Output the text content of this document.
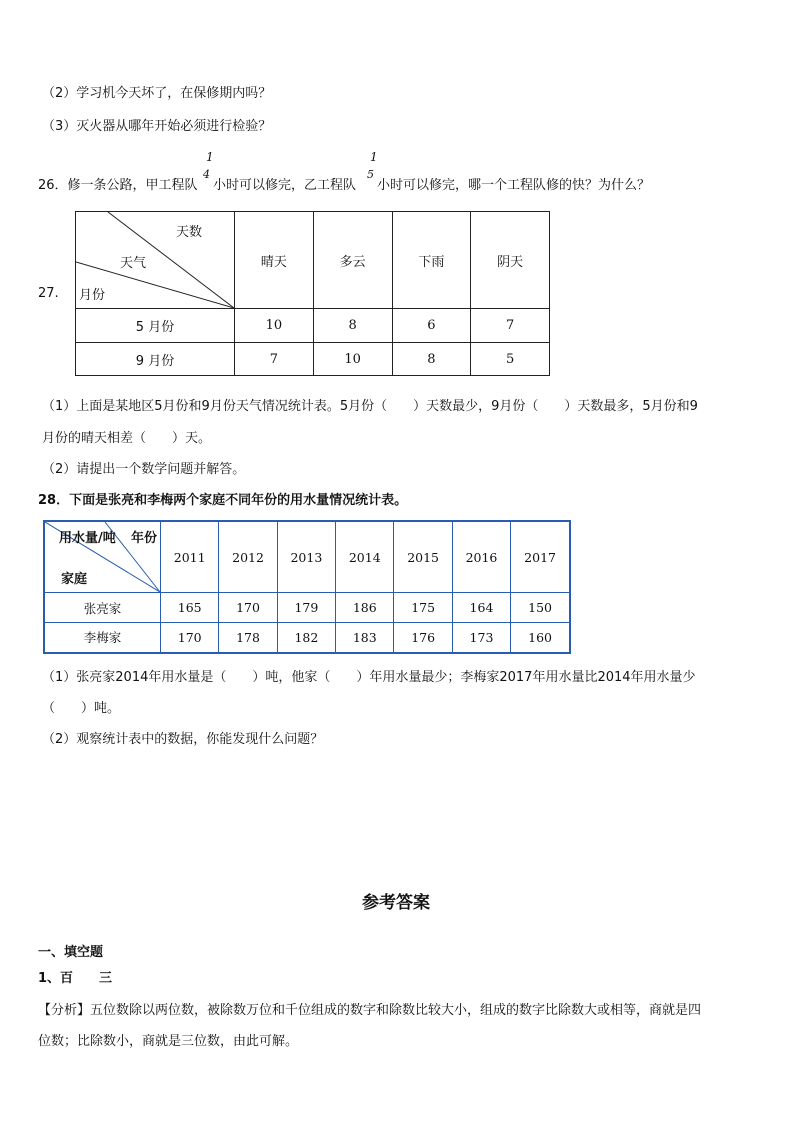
（2）学习机今天坏了，在保修期内吗？
（3）灭火器从哪年开始必须进行检验？
26．修一条公路，甲工程队
1
4
小时可以修完，乙工程队
1
5
小时可以修完，哪一个工程队修的快？为什么？
27.
天数
天气
月份	晴天	多云	下雨	阴天
5 月份	10	8	6	7
9 月份	7	10	8	5
（1）上面是某地区5月份和9月份天气情况统计表。5月份（　　）天数最少，9月份（　　）天数最多，5月份和9
月份的晴天相差（　　）天。
（2）请提出一个数学问题并解答。
28．下面是张亮和李梅两个家庭不同年份的用水量情况统计表。
用水量/吨 年份
家庭	2011	2012	2013	2014	2015	2016	2017
张亮家	165	170	179	186	175	164	150
李梅家	170	178	182	183	176	173	160
（1）张亮家2014年用水量是（　　）吨，他家（　　）年用水量最少；李梅家2017年用水量比2014年用水量少
（　　）吨。
（2）观察统计表中的数据，你能发现什么问题？
参考答案
一、填空题
1、百　　三
【分析】五位数除以两位数，被除数万位和千位组成的数字和除数比较大小，组成的数字比除数大或相等，商就是四
位数；比除数小，商就是三位数，由此可解。
